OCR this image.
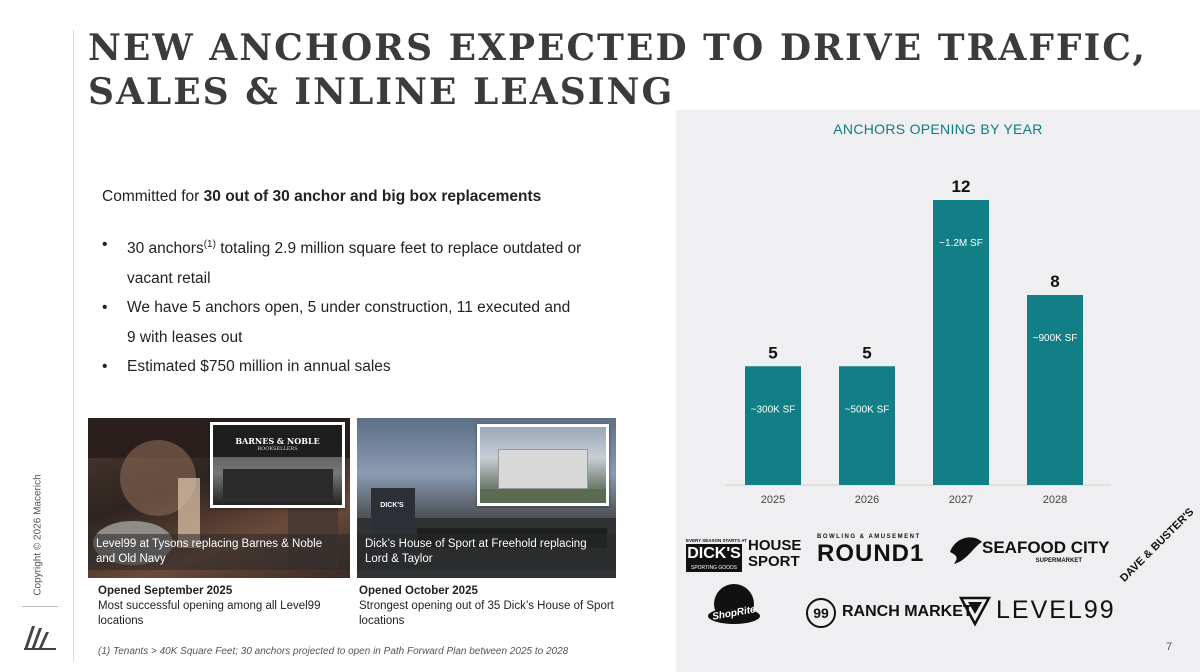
Copyright © 2026 Macerich
NEW ANCHORS EXPECTED TO DRIVE TRAFFIC, SALES & INLINE LEASING

Committed for 30 out of 30 anchor and big box replacements

• 30 anchors$^{(1)}$ totaling 2.9 million square feet to replace outdated or vacant retail
• We have 5 anchors open, 5 under construction, 11 executed and 9 with leases out
• Estimated $750 million in annual sales
BARNES & NOBLE
BOOKSELLERS
Level99 at Tysons replacing Barnes & Noble and Old Navy
DICK'S
Dick’s House of Sport at Freehold replacing Lord & Taylor
Opened September 2025
Most successful opening among all Level99 locations
Opened October 2025
Strongest opening out of 35 Dick’s House of Sport locations

(1) Tenants > 40K Square Feet; 30 anchors projected to open in Path Forward Plan between 2025 to 2028

ANCHORS OPENING BY YEAR
5
~300K SF
2025
5
~500K SF
2026
12
~1.2M SF
2027
8
~900K SF
2028
EVERY SEASON STARTS AT
DICK'S
SPORTING GOODS
HOUSE
SPORT
BOWLING & AMUSEMENT
ROUND1	SEAFOOD CITY
SUPERMARKET	DAVE & BUSTER'S
ShopRite	99 RANCH MARKET LEVEL99
7
